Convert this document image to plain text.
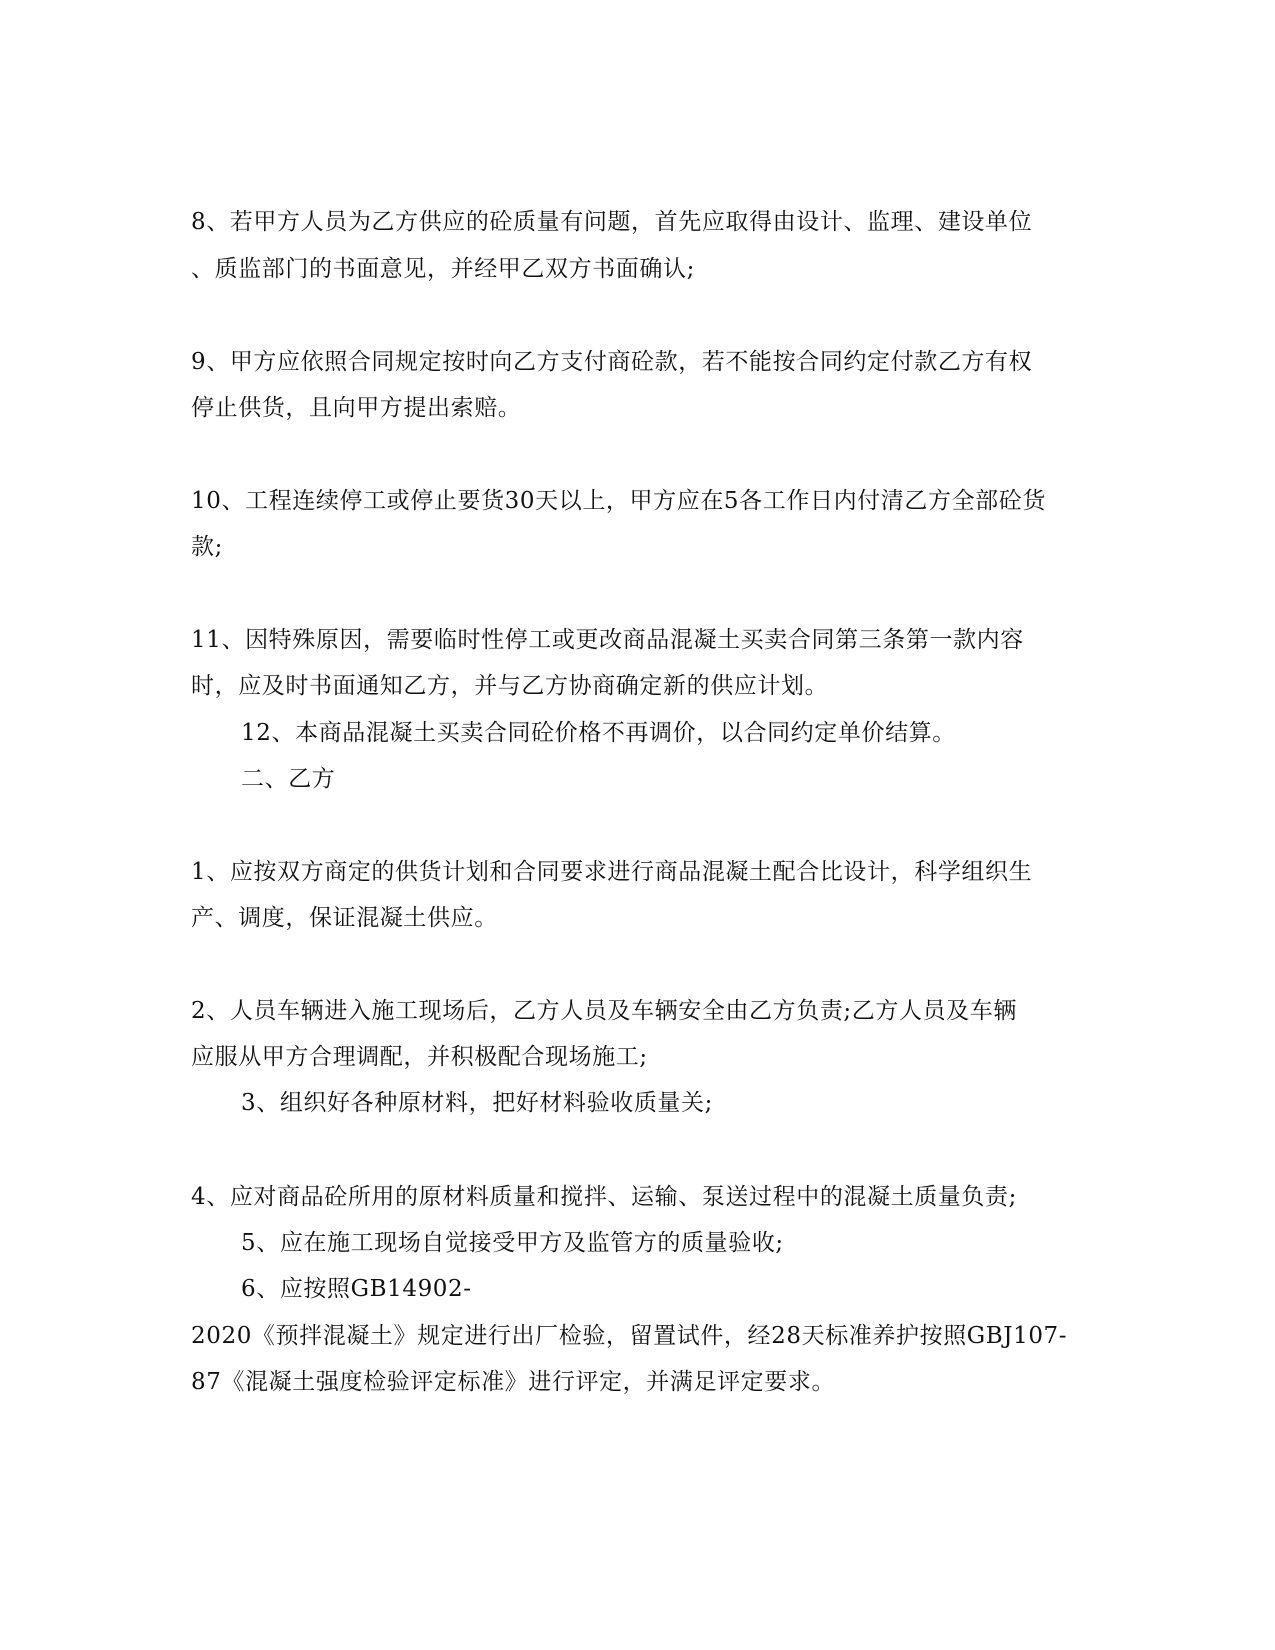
8、若甲方人员为乙方供应的砼质量有问题，首先应取得由设计、监理、建设单位
、质监部门的书面意见，并经甲乙双方书面确认;
9、甲方应依照合同规定按时向乙方支付商砼款，若不能按合同约定付款乙方有权
停止供货，且向甲方提出索赔。
10、工程连续停工或停止要货30天以上，甲方应在5各工作日内付清乙方全部砼货
款;
11、因特殊原因，需要临时性停工或更改商品混凝土买卖合同第三条第一款内容
时，应及时书面通知乙方，并与乙方协商确定新的供应计划。
12、本商品混凝土买卖合同砼价格不再调价，以合同约定单价结算。
二、乙方
1、应按双方商定的供货计划和合同要求进行商品混凝土配合比设计，科学组织生
产、调度，保证混凝土供应。
2、人员车辆进入施工现场后，乙方人员及车辆安全由乙方负责;乙方人员及车辆
应服从甲方合理调配，并积极配合现场施工;
3、组织好各种原材料，把好材料验收质量关;
4、应对商品砼所用的原材料质量和搅拌、运输、泵送过程中的混凝土质量负责;
5、应在施工现场自觉接受甲方及监管方的质量验收;
6、应按照GB14902-
2020《预拌混凝土》规定进行出厂检验，留置试件，经28天标准养护按照GBJ107-
87《混凝土强度检验评定标准》进行评定，并满足评定要求。
